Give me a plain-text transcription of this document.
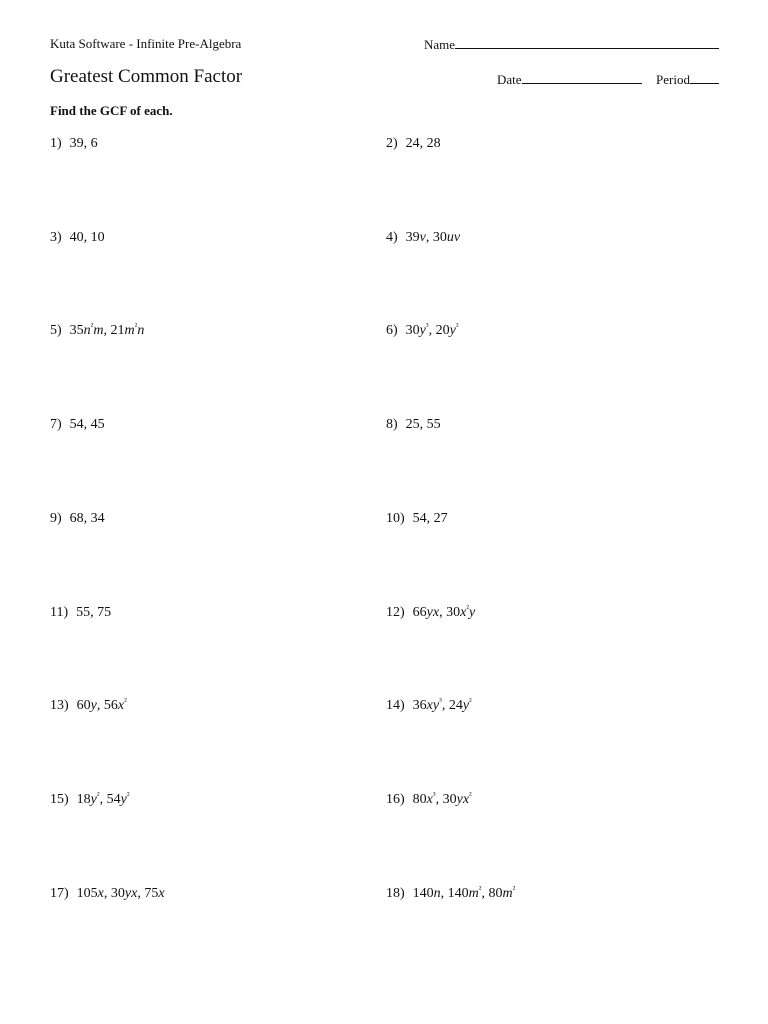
Kuta Software - Infinite Pre-Algebra	Name
Greatest Common Factor	Date	Period
Find the GCF of each.
1) 39, 6	2) 24, 28
3) 40, 10	4) 39v, 30uv
5) $35n^{^2}m$, $21m^{^2}n$	6) $30y^{^3}$, $20y^{^2}$
7) 54, 45	8) 25, 55
9) 68, 34	10) 54, 27
11) 55, 75	12) 66yx, $30x^{^2}y$
13) 60y, $56x^{^2}$	14) $36xy^{^3}$, $24y^{^2}$
15) $18y^{^2}$, $54y^{^2}$	16) $80x^{^3}$, $30yx^{^2}$
17) 105x, 30yx, 75x	18) 140n, $140m^{^2}$, $80m^{^2}$
